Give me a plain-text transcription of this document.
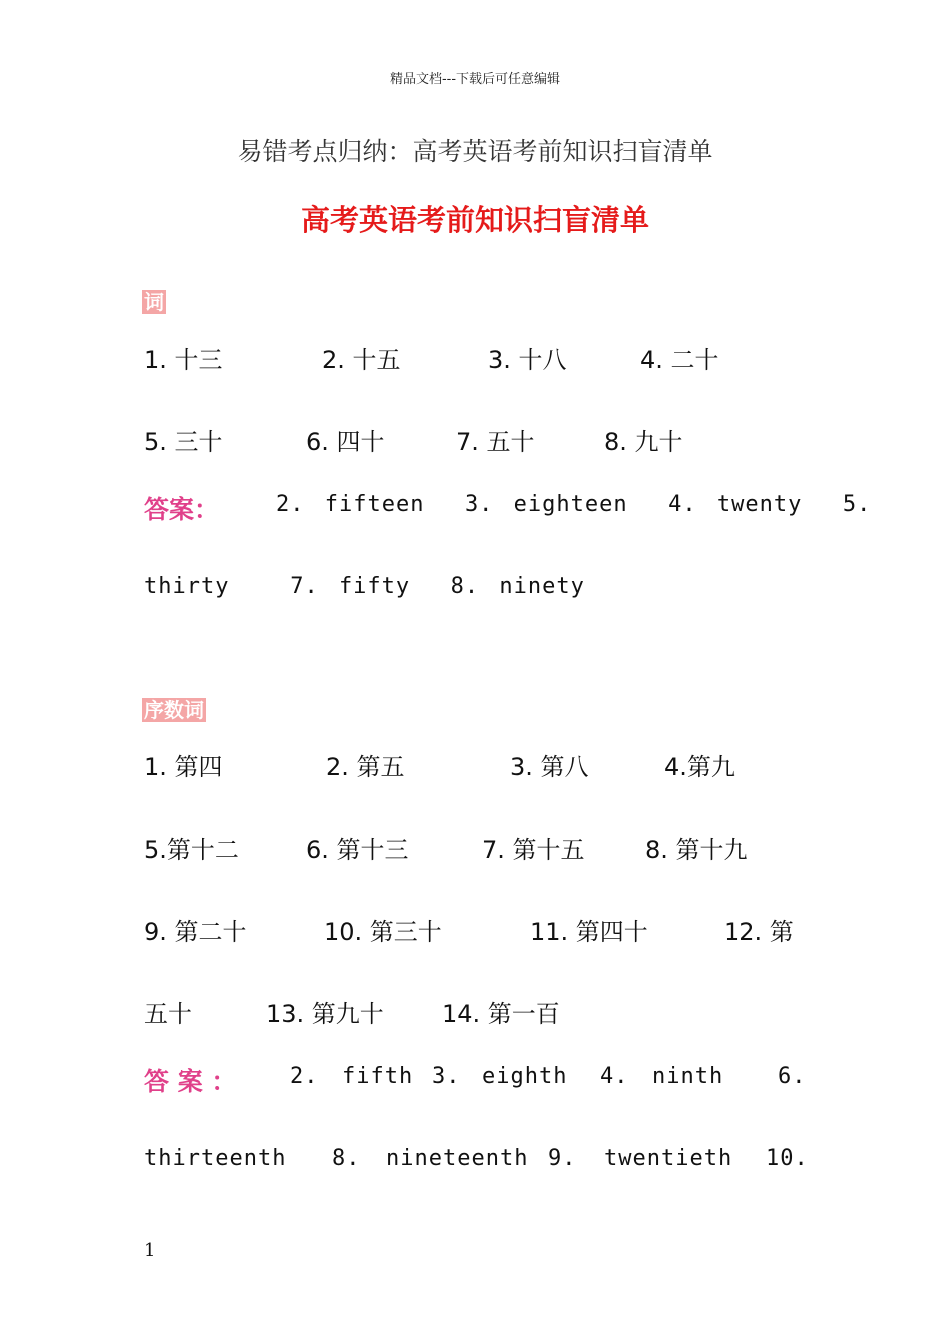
精品文档---下载后可任意编辑
易错考点归纳：高考英语考前知识扫盲清单
高考英语考前知识扫盲清单
词
1. 十三	2. 十五	3. 十八	4. 二十
5. 三十	6. 四十	7. 五十	8. 九十
答案：	2. fifteen  3. eighteen  4. twenty  5.
thirty   7. fifty  8. ninety
序数词
1. 第四	2. 第五	3. 第八	4.第九
5.第十二	6. 第十三	7. 第十五	8. 第十九
9. 第二十	10. 第三十	11. 第四十	12. 第
五十	13. 第九十 14. 第一百
答 案 ： 2. fifth 3. eighth 4. ninth 6.
thirteenth 8. nineteenth 9. twentieth 10.
1
